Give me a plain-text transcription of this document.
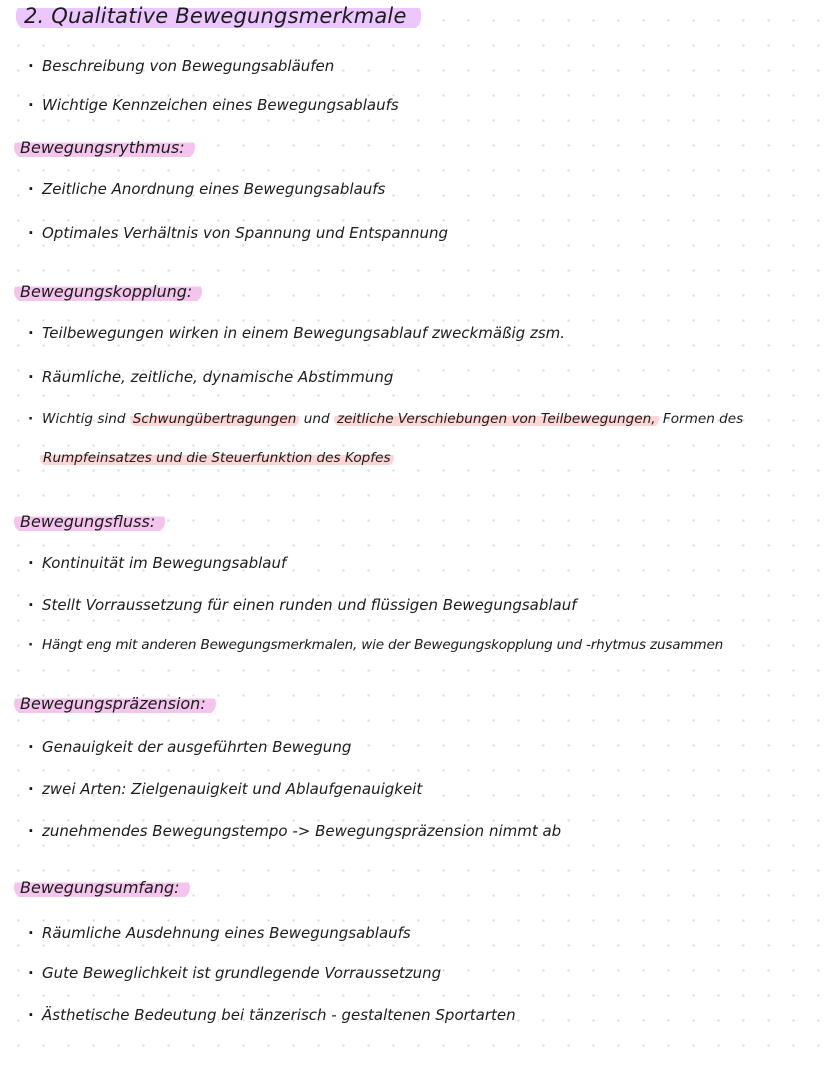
2. Qualitative Bewegungsmerkmale
· Beschreibung von Bewegungsabläufen
· Wichtige Kennzeichen eines Bewegungsablaufs
Bewegungsrythmus:
· Zeitliche Anordnung eines Bewegungsablaufs
· Optimales Verhältnis von Spannung und Entspannung
Bewegungskopplung:
· Teilbewegungen wirken in einem Bewegungsablauf zweckmäßig zsm.
· Räumliche, zeitliche, dynamische Abstimmung
· Wichtig sind Schwungübertragungen und zeitliche Verschiebungen von Teilbewegungen, Formen des
Rumpfeinsatzes und die Steuerfunktion des Kopfes
Bewegungsfluss:
· Kontinuität im Bewegungsablauf
· Stellt Vorraussetzung für einen runden und flüssigen Bewegungsablauf
· Hängt eng mit anderen Bewegungsmerkmalen, wie der Bewegungskopplung und -rhytmus zusammen
Bewegungspräzension:
· Genauigkeit der ausgeführten Bewegung
· zwei Arten: Zielgenauigkeit und Ablaufgenauigkeit
· zunehmendes Bewegungstempo -> Bewegungspräzension nimmt ab
Bewegungsumfang:
· Räumliche Ausdehnung eines Bewegungsablaufs
· Gute Beweglichkeit ist grundlegende Vorraussetzung
· Ästhetische Bedeutung bei tänzerisch - gestaltenen Sportarten
